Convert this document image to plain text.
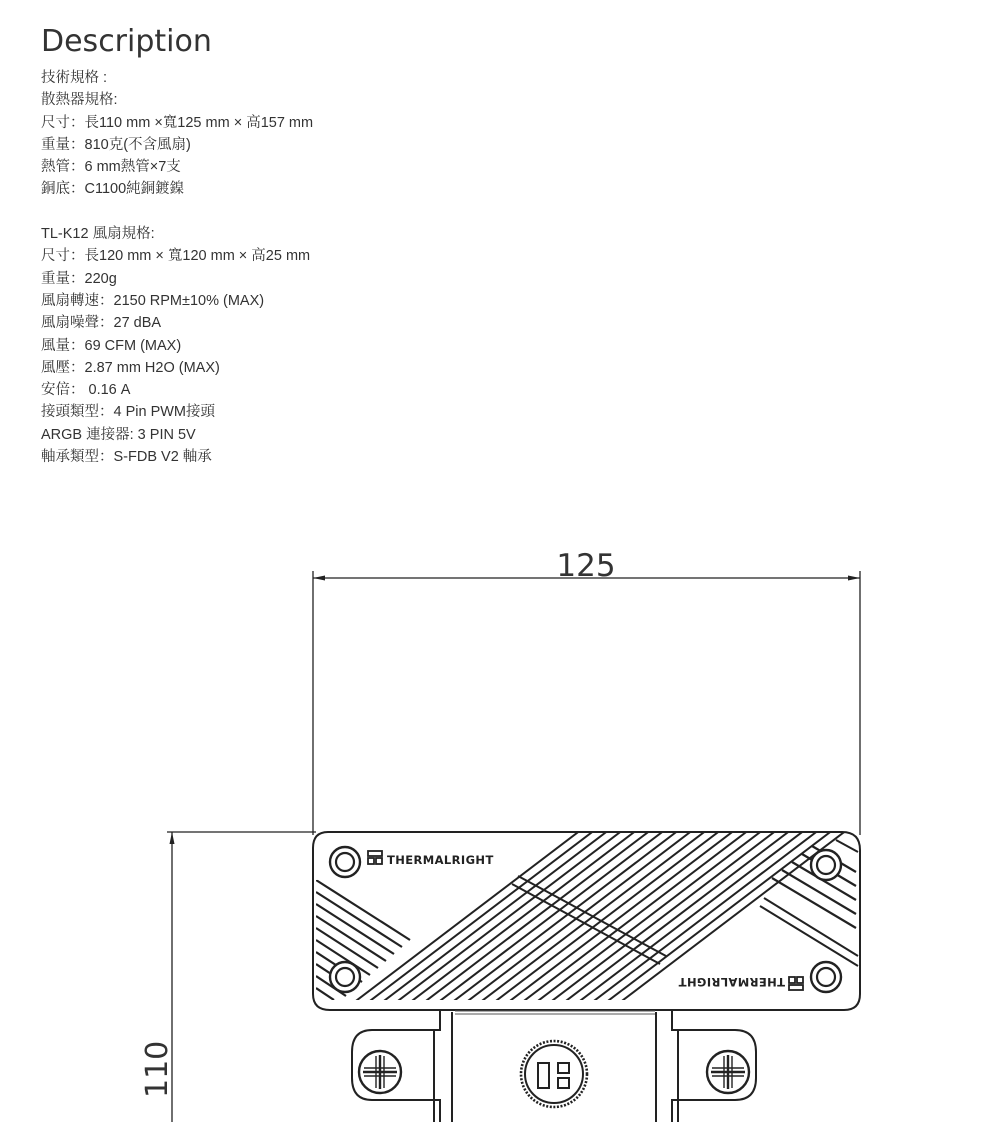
Description
技術規格 :
散熱器規格:
尺寸：長110 mm ×寬125 mm × 高157 mm
重量：810克(不含風扇)
熱管：6 mm熱管×7支
銅底：C1100純銅鍍鎳
TL-K12 風扇規格:
尺寸：長120 mm × 寬120 mm × 高25 mm
重量：220g
風扇轉速：2150 RPM±10% (MAX)
風扇噪聲：27 dBA
風量：69 CFM (MAX)
風壓：2.87 mm H2O (MAX)
安倍： 0.16 A
接頭類型：4 Pin PWM接頭
ARGB 連接器: 3 PIN 5V
軸承類型：S-FDB V2 軸承
125
110
THERMALRIGHT
THERMALRIGHT
